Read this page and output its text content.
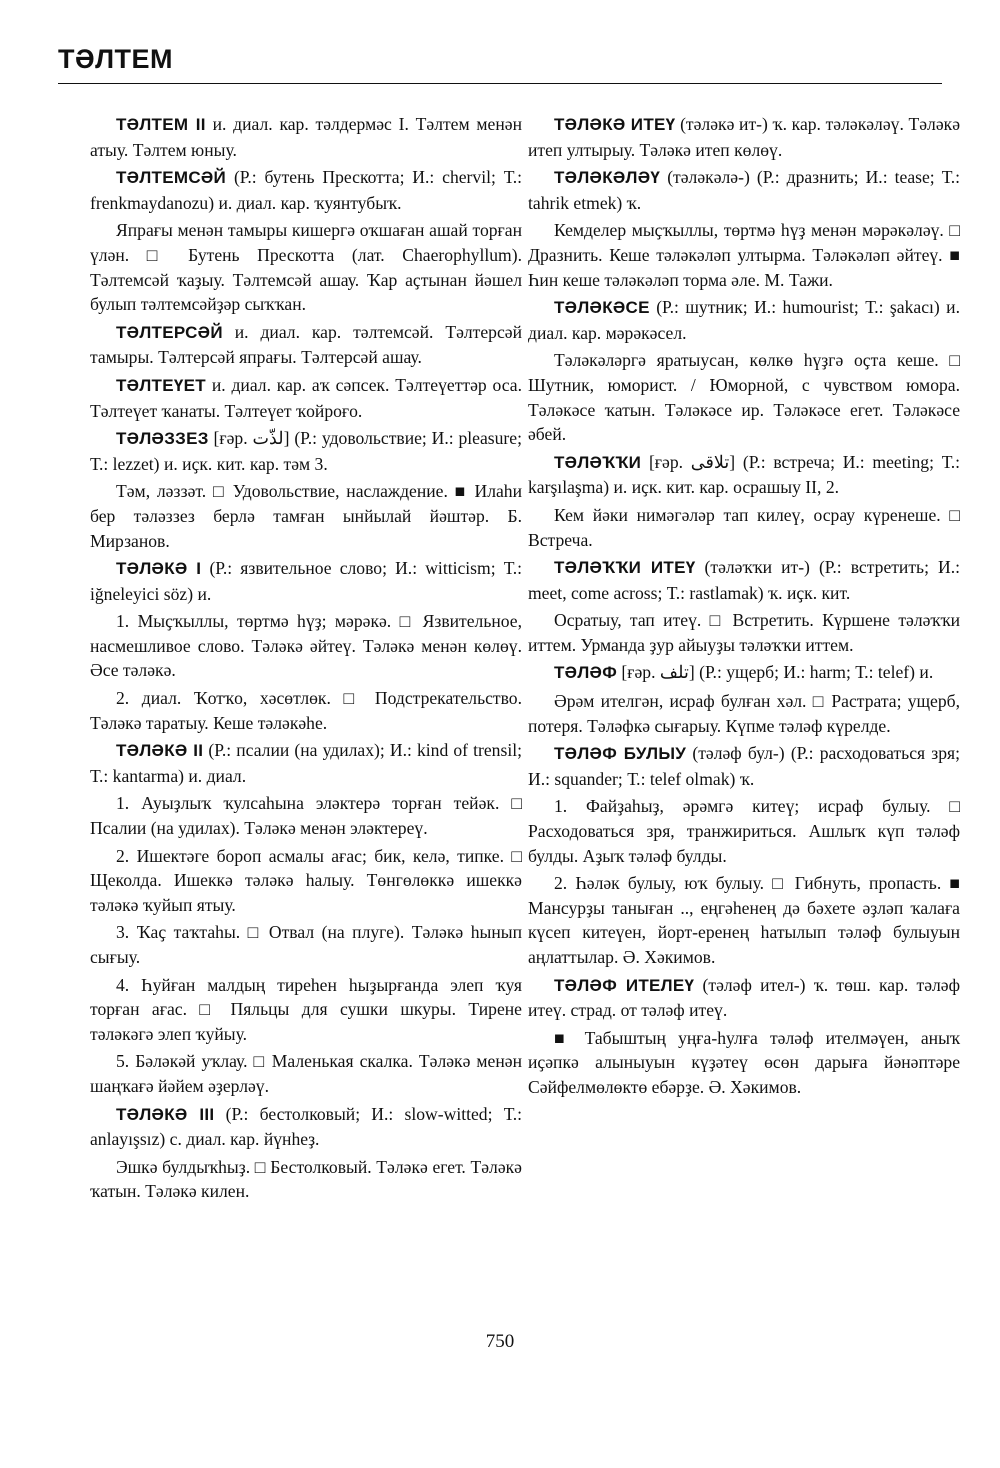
ТӘЛТЕМ

ТӘЛТЕМ II и. диал. кар. тәлдермәс I. Тәлтем менән атыу. Тәлтем юныу.

ТӘЛТЕМСӘЙ (Р.: бутень Прескотта; И.: chervil; Т.: frenkmaydanozu) и. диал. кар. ҡуянтубыҡ.

Япрағы менән тамыры кишергә оҡшаған ашай торған үлән. □ Бутень Прескотта (лат. Chaerophyllum). Тәлтемсәй ҡаҙыу. Тәлтемсәй ашау. Ҡар аҫтынан йәшел булып тәлтемсәйҙәр сыҡҡан.

ТӘЛТЕРСӘЙ и. диал. кар. тәлтемсәй. Тәлтерсәй тамыры. Тәлтерсәй япрағы. Тәлтерсәй ашау.

ТӘЛТЕҮЕТ и. диал. кар. аҡ сәпсек. Тәлтеүеттәр оса. Тәлтеүет ҡанаты. Тәлтеүет ҡойроғо.

ТӘЛӘЗЗЕЗ [ғәр. لذّت] (Р.: удовольствие; И.: pleasure; Т.: lezzet) и. иҫк. кит. кар. тәм 3.

Тәм, ләззәт. □ Удовольствие, наслаждение. ■ Илаһи бер тәләззез берлә тамған ынйылай йәштәр. Б. Мирзанов.

ТӘЛӘКӘ I (Р.: язвительное слово; И.: witticism; Т.: iğneleyici söz) и.

1. Мыҫҡыллы, төртмә һүҙ; мәрәкә. □ Язвительное, насмешливое слово. Тәләкә әйтеү. Тәләкә менән көлөү. Әсе тәләкә.

2. диал. Ҡотҡо, хәсөтлөк. □ Подстрекательство. Тәләкә таратыу. Кеше тәләкәһе.

ТӘЛӘКӘ II (Р.: псалии (на удилах); И.: kind of trensil; Т.: kantarma) и. диал.

1. Ауыҙлыҡ ҡулсаһына эләктерә торған тейәк. □ Псалии (на удилах). Тәләкә менән эләктереү.

2. Ишектәге бороп асмалы ағас; бик, келә, типке. □ Щеколда. Ишеккә тәләкә һалыу. Төнгөлөккә ишеккә тәләкә ҡуйып ятыу.

3. Ҡаҫ таҡтаһы. □ Отвал (на плуге). Тәләкә һынып сығыу.

4. Һуйған малдың тиреһен һыҙырғанда элеп ҡуя торған ағас. □ Пяльцы для сушки шкуры. Тирене тәләкәгә элеп ҡуйыу.

5. Бәләкәй уҡлау. □ Маленькая скалка. Тәләкә менән шаңҡағә йәйем әҙерләү.

ТӘЛӘКӘ III (Р.: бестолковый; И.: slow-witted; Т.: anlayışsız) с. диал. кар. йүнһеҙ.

Эшкә булдыҡһыҙ. □ Бестолковый. Тәләкә егет. Тәләкә ҡатын. Тәләкә килен.

ТӘЛӘКӘ ИТЕҮ (тәләкә ит-) ҡ. кар. тәләкәләү. Тәләкә итеп ултырыу. Тәләкә итеп көлөү.

ТӘЛӘКӘЛӘҮ (тәләкәлә-) (Р.: дразнить; И.: tease; Т.: tahrik etmek) ҡ.

Кемделер мыҫҡыллы, төртмә һүҙ менән мәрәкәләү. □ Дразнить. Кеше тәләкәләп ултырма. Тәләкәләп әйтеү. ■ Һин кеше тәләкәләп торма әле. М. Тажи.

ТӘЛӘКӘСЕ (Р.: шутник; И.: humourist; Т.: şakacı) и. диал. кар. мәрәкәсел.

Тәләкәләргә яратыусан, көлкө һүҙгә оҫта кеше. □ Шутник, юморист. / Юморной, с чувством юмора. Тәләкәсе ҡатын. Тәләкәсе ир. Тәләкәсе егет. Тәләкәсе әбей.

ТӘЛӘҠҠИ [ғәр. تلاقی] (Р.: встреча; И.: meeting; Т.: karşılaşma) и. иҫк. кит. кар. осрашыу II, 2.

Кем йәки нимәгәләр тап килеү, осрау күренеше. □ Встреча.

ТӘЛӘҠҠИ ИТЕҮ (тәләҡҡи ит-) (Р.: встретить; И.: meet, come across; Т.: rastlamak) ҡ. иҫк. кит.

Осратыу, тап итеү. □ Встретить. Күршене тәләҡҡи иттем. Урманда ҙур айыуҙы тәләҡҡи иттем.

ТӘЛӘФ [ғәр. تلف] (Р.: ущерб; И.: harm; Т.: telef) и.

Әрәм ителгән, исраф булған хәл. □ Растрата; ущерб, потеря. Тәләфкә сығарыу. Күпме тәләф күрелде.

ТӘЛӘФ БУЛЫУ (тәләф бул-) (Р.: расходоваться зря; И.: squander; Т.: telef olmak) ҡ.

1. Файҙаһыҙ, әрәмгә китеү; исраф булыу. □ Расходоваться зря, транжириться. Ашлыҡ күп тәләф булды. Аҙыҡ тәләф булды.

2. Һәләк булыу, юҡ булыу. □ Гибнуть, пропасть. ■ Мансурҙы таныған .., еңгәһенең дә бәхете әҙләп ҡалаға күсеп китеүен, йорт-еренең һатылып тәләф булыуын аңлаттылар. Ә. Хәкимов.

ТӘЛӘФ ИТЕЛЕҮ (тәләф ител-) ҡ. төш. кар. тәләф итеү. страд. от тәләф итеү.

■ Табыштың уңға-һулға тәләф ителмәүен, аныҡ иҫәпкә алыныуын күҙәтеү өсөн дарыға йәнәптәре Сәйфелмөлөктө ебәрҙе. Ә. Хәкимов.

750
